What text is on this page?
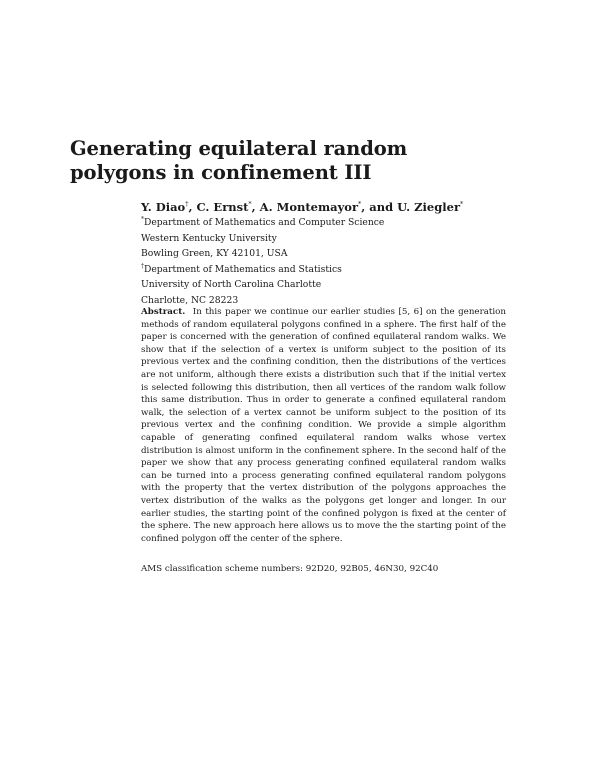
Generating equilateral random polygons in confinement III
Y. Diao†, C. Ernst*, A. Montemayor*, and U. Ziegler*
*Department of Mathematics and Computer Science
Western Kentucky University
Bowling Green, KY 42101, USA
†Department of Mathematics and Statistics
University of North Carolina Charlotte
Charlotte, NC 28223

Abstract. In this paper we continue our earlier studies [5, 6] on the generation methods of random equilateral polygons confined in a sphere. The first half of the paper is concerned with the generation of confined equilateral random walks. We show that if the selection of a vertex is uniform subject to the position of its previous vertex and the confining condition, then the distributions of the vertices are not uniform, although there exists a distribution such that if the initial vertex is selected following this distribution, then all vertices of the random walk follow this same distribution. Thus in order to generate a confined equilateral random walk, the selection of a vertex cannot be uniform subject to the position of its previous vertex and the confining condition. We provide a simple algorithm capable of generating confined equilateral random walks whose vertex distribution is almost uniform in the confinement sphere. In the second half of the paper we show that any process generating confined equilateral random walks can be turned into a process generating confined equilateral random polygons with the property that the vertex distribution of the polygons approaches the vertex distribution of the walks as the polygons get longer and longer. In our earlier studies, the starting point of the confined polygon is fixed at the center of the sphere. The new approach here allows us to move the the starting point of the confined polygon off the center of the sphere.

AMS classification scheme numbers: 92D20, 92B05, 46N30, 92C40
